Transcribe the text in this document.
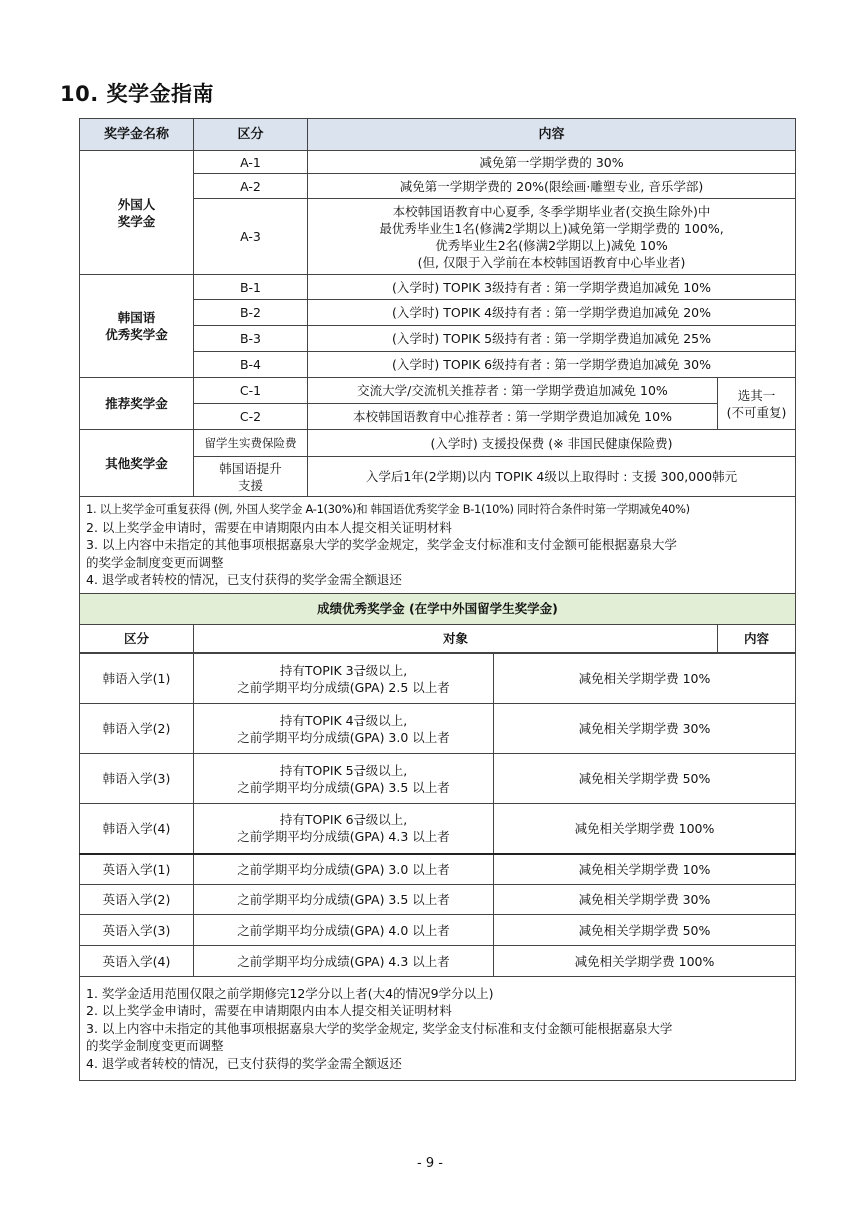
10. 奖学金指南
奖学金名称	区分	内容	
外国人
奖学金	A-1	减免第一学期学费的 30%	
	A-2	减免第一学期学费的 20%(限绘画·雕塑专业, 音乐学部)	
	A-3	本校韩国语教育中心夏季, 冬季学期毕业者(交换生除外)中
最优秀毕业生1名(修满2学期以上)减免第一学期学费的 100%,
优秀毕业生2名(修满2学期以上)减免 10%
(但, 仅限于入学前在本校韩国语教育中心毕业者)	

韩国语
优秀奖学金	B-1	(入学时) TOPIK 3级持有者 : 第一学期学费追加减免 10%	
	B-2	(入学时) TOPIK 4级持有者 : 第一学期学费追加减免 20%	
	B-3	(入学时) TOPIK 5级持有者 : 第一学期学费追加减免 25%	
	B-4	(入学时) TOPIK 6级持有者 : 第一学期学费追加减免 30%	
推荐奖学金	C-1	交流大学/交流机关推荐者 : 第一学期学费追加减免 10%	选其一
(不可重复)
	C-2	本校韩国语教育中心推荐者 : 第一学期学费追加减免 10%	
其他奖学金	留学生实费保险费	(入学时) 支援投保费 (※ 非国民健康保险费)	
	韩国语提升
支援	入学后1年(2学期)以内 TOPIK 4级以上取得时 : 支援 300,000韩元	

1. 以上奖学金可重复获得 (例, 外国人奖学金 A-1(30%)和 韩国语优秀奖学金 B-1(10%) 同时符合条件时第一学期减免40%)
2. 以上奖学金申请时，需要在申请期限内由本人提交相关证明材料
3. 以上内容中未指定的其他事项根据嘉泉大学的奖学金规定，奖学金支付标准和支付金额可能根据嘉泉大学
的奖学金制度变更而调整
4. 退学或者转校的情况，已支付获得的奖学金需全额退还			

成绩优秀奖学金 (在学中外国留学生奖学金)			
区分	对象		内容
韩语入学(1)	持有TOPIK 3급级以上,
之前学期平均分成绩(GPA) 2.5 以上者	减免相关学期学费 10%
韩语入学(2)	持有TOPIK 4급级以上,
之前学期平均分成绩(GPA) 3.0 以上者	减免相关学期学费 30%
韩语入学(3)	持有TOPIK 5급级以上,
之前学期平均分成绩(GPA) 3.5 以上者	减免相关学期学费 50%
韩语入学(4)	持有TOPIK 6급级以上,
之前学期平均分成绩(GPA) 4.3 以上者	减免相关学期学费 100%
英语入学(1)	之前学期平均分成绩(GPA) 3.0 以上者	减免相关学期学费 10%
英语入学(2)	之前学期平均分成绩(GPA) 3.5 以上者	减免相关学期学费 30%
英语入学(3)	之前学期平均分成绩(GPA) 4.0 以上者	减免相关学期学费 50%
英语入学(4)	之前学期平均分成绩(GPA) 4.3 以上者	减免相关学期学费 100%

1. 奖学金适用范围仅限之前学期修完12学分以上者(大4的情况9学分以上)
2. 以上奖学金申请时，需要在申请期限内由本人提交相关证明材料
3. 以上内容中未指定的其他事项根据嘉泉大学的奖学金规定, 奖学金支付标准和支付金额可能根据嘉泉大学
的奖学金制度变更而调整
4. 退学或者转校的情况，已支付获得的奖学金需全额返还		
- 9 -
